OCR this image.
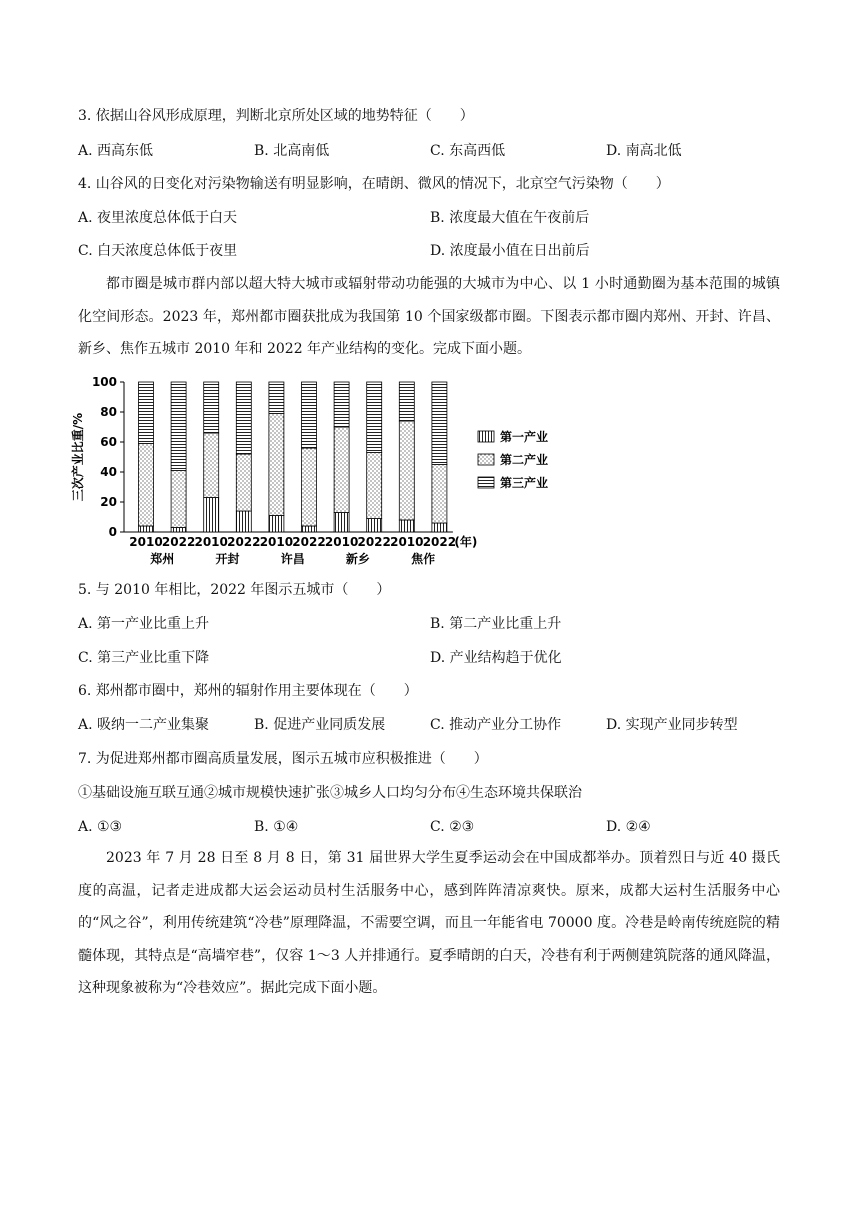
3. 依据山谷风形成原理，判断北京所处区域的地势特征（　　）
A. 西高东低	B. 北高南低	C. 东高西低	D. 南高北低
4. 山谷风的日变化对污染物输送有明显影响，在晴朗、微风的情况下，北京空气污染物（　　）
A. 夜里浓度总体低于白天	B. 浓度最大值在午夜前后
C. 白天浓度总体低于夜里	D. 浓度最小值在日出前后
都市圈是城市群内部以超大特大城市或辐射带动功能强的大城市为中心、以 1 小时通勤圈为基本范围的城镇化空间形态。2023 年，郑州都市圈获批成为我国第 10 个国家级都市圈。下图表示都市圈内郑州、开封、许昌、新乡、焦作五城市 2010 年和 2022 年产业结构的变化。完成下面小题。
三次产业比重/%
0
20
40
60
80
100
2010 2022 2010 2022 2010 2022 2010 2022 2010 2022
(年)
郑州	开封	许昌	新乡	焦作
第一产业
第二产业
第三产业
5. 与 2010 年相比，2022 年图示五城市（　　）
A. 第一产业比重上升	B. 第二产业比重上升
C. 第三产业比重下降	D. 产业结构趋于优化
6. 郑州都市圈中，郑州的辐射作用主要体现在（　　）
A. 吸纳一二产业集聚	B. 促进产业同质发展	C. 推动产业分工协作	D. 实现产业同步转型
7. 为促进郑州都市圈高质量发展，图示五城市应积极推进（　　）
①基础设施互联互通②城市规模快速扩张③城乡人口均匀分布④生态环境共保联治
A. ①③	B. ①④	C. ②③	D. ②④
2023 年 7 月 28 日至 8 月 8 日，第 31 届世界大学生夏季运动会在中国成都举办。顶着烈日与近 40 摄氏度的高温，记者走进成都大运会运动员村生活服务中心，感到阵阵清凉爽快。原来，成都大运村生活服务中心的“风之谷”，利用传统建筑“冷巷”原理降温，不需要空调，而且一年能省电 70000 度。冷巷是岭南传统庭院的精髓体现，其特点是“高墙窄巷”，仅容 1～3 人并排通行。夏季晴朗的白天，冷巷有利于两侧建筑院落的通风降温，这种现象被称为“冷巷效应”。据此完成下面小题。
